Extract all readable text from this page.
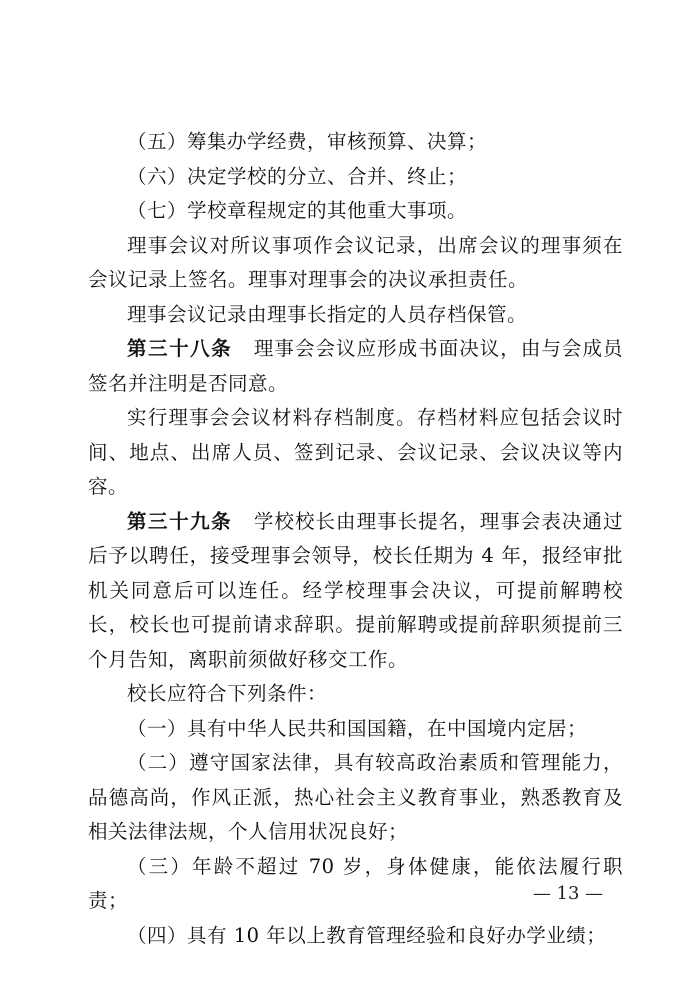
（五）筹集办学经费，审核预算、决算；

（六）决定学校的分立、合并、终止；

（七）学校章程规定的其他重大事项。

理事会议对所议事项作会议记录，出席会议的理事须在会议记录上签名。理事对理事会的决议承担责任。

理事会议记录由理事长指定的人员存档保管。

第三十八条 理事会会议应形成书面决议，由与会成员签名并注明是否同意。

实行理事会会议材料存档制度。存档材料应包括会议时间、地点、出席人员、签到记录、会议记录、会议决议等内容。

第三十九条 学校校长由理事长提名，理事会表决通过后予以聘任，接受理事会领导，校长任期为 4 年，报经审批机关同意后可以连任。经学校理事会决议，可提前解聘校长，校长也可提前请求辞职。提前解聘或提前辞职须提前三个月告知，离职前须做好移交工作。

校长应符合下列条件：

（一）具有中华人民共和国国籍，在中国境内定居；

（二）遵守国家法律，具有较高政治素质和管理能力，品德高尚，作风正派，热心社会主义教育事业，熟悉教育及相关法律法规，个人信用状况良好；

（三）年龄不超过 70 岁，身体健康，能依法履行职责；

（四）具有 10 年以上教育管理经验和良好办学业绩；

— 13 —
